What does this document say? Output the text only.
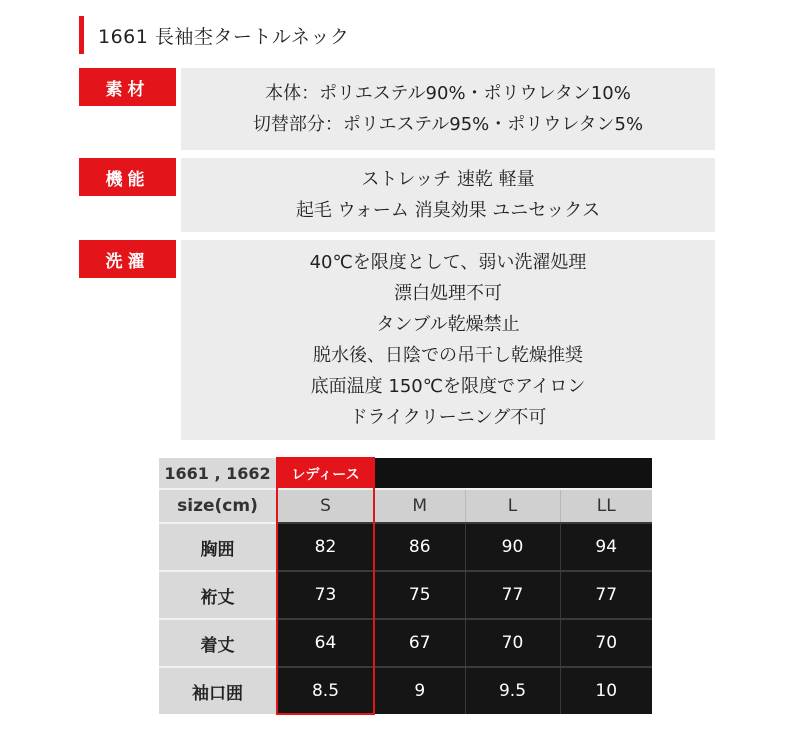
1661 長袖杢タートルネック
素材	本体：ポリエステル90%・ポリウレタン10%
切替部分：ポリエステル95%・ポリウレタン5%
機能	ストレッチ 速乾 軽量
起毛 ウォーム 消臭効果 ユニセックス
洗濯	40℃を限度として、弱い洗濯処理
漂白処理不可
タンブル乾燥禁止
脱水後、日陰での吊干し乾燥推奨
底面温度 150℃を限度でアイロン
ドライクリーニング不可
1661 , 1662	レディース			
size(cm)	S	M	L	LL
胸囲	82	86	90	94
裄丈	73	75	77	77
着丈	64	67	70	70
袖口囲	8.5	9	9.5	10
